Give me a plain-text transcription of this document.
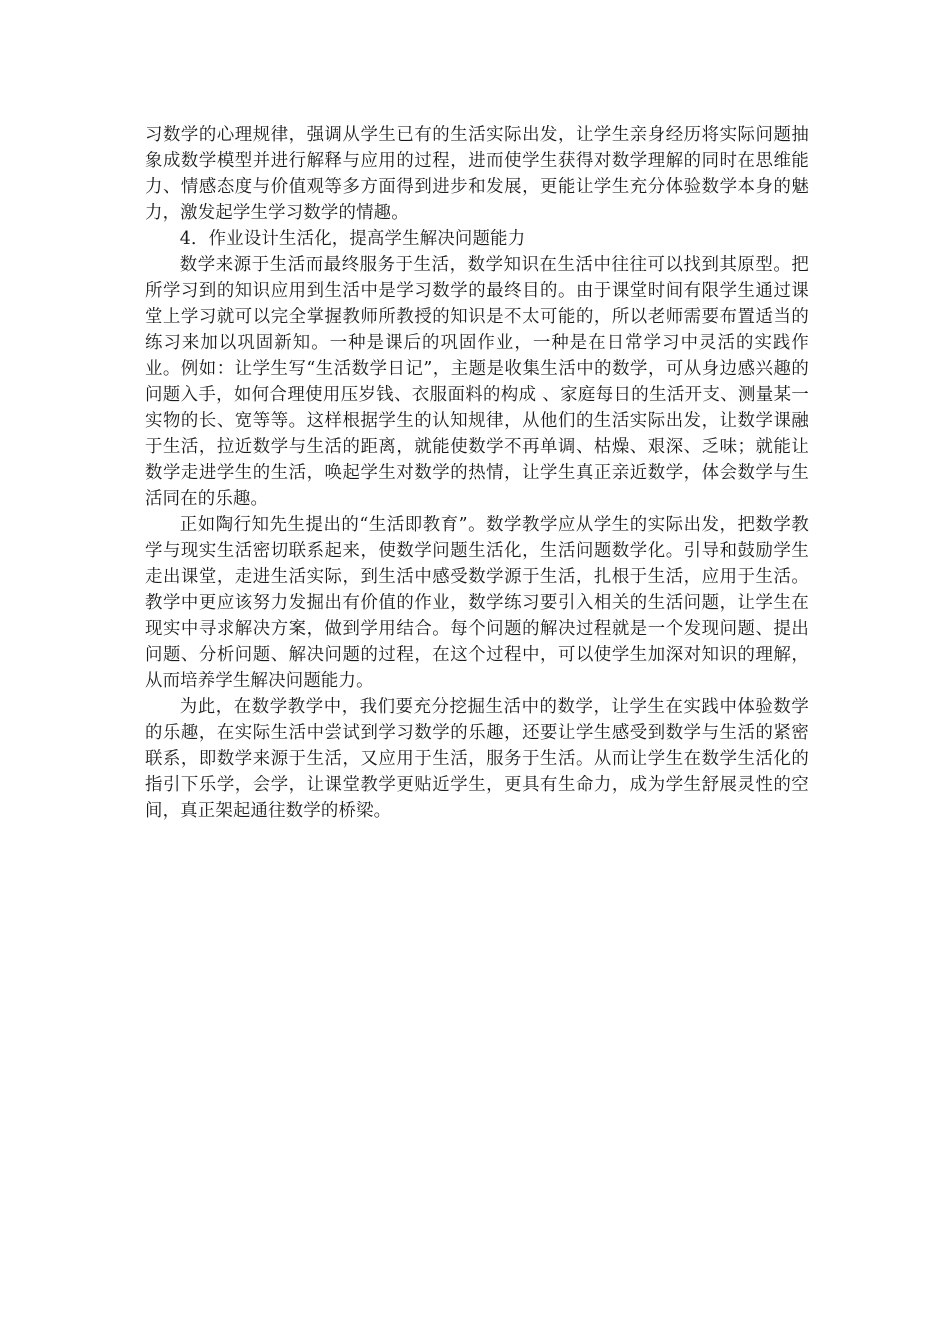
习数学的心理规律，强调从学生已有的生活实际出发，让学生亲身经历将实际问题抽象成数学模型并进行解释与应用的过程，进而使学生获得对数学理解的同时在思维能力、情感态度与价值观等多方面得到进步和发展，更能让学生充分体验数学本身的魅力，激发起学生学习数学的情趣。

4．作业设计生活化，提高学生解决问题能力

数学来源于生活而最终服务于生活，数学知识在生活中往往可以找到其原型。把所学习到的知识应用到生活中是学习数学的最终目的。由于课堂时间有限学生通过课堂上学习就可以完全掌握教师所教授的知识是不太可能的，所以老师需要布置适当的练习来加以巩固新知。一种是课后的巩固作业，一种是在日常学习中灵活的实践作业。例如：让学生写“生活数学日记”，主题是收集生活中的数学，可从身边感兴趣的问题入手，如何合理使用压岁钱、衣服面料的构成 、家庭每日的生活开支、测量某一实物的长、宽等等。这样根据学生的认知规律，从他们的生活实际出发，让数学课融于生活，拉近数学与生活的距离，就能使数学不再单调、枯燥、艰深、乏味；就能让数学走进学生的生活，唤起学生对数学的热情，让学生真正亲近数学，体会数学与生活同在的乐趣。

正如陶行知先生提出的“生活即教育”。数学教学应从学生的实际出发，把数学教学与现实生活密切联系起来，使数学问题生活化，生活问题数学化。引导和鼓励学生走出课堂，走进生活实际，到生活中感受数学源于生活，扎根于生活，应用于生活。教学中更应该努力发掘出有价值的作业，数学练习要引入相关的生活问题，让学生在现实中寻求解决方案，做到学用结合。每个问题的解决过程就是一个发现问题、提出问题、分析问题、解决问题的过程，在这个过程中，可以使学生加深对知识的理解，从而培养学生解决问题能力。

为此，在数学教学中，我们要充分挖掘生活中的数学，让学生在实践中体验数学的乐趣，在实际生活中尝试到学习数学的乐趣，还要让学生感受到数学与生活的紧密联系，即数学来源于生活，又应用于生活，服务于生活。从而让学生在数学生活化的指引下乐学，会学，让课堂教学更贴近学生，更具有生命力，成为学生舒展灵性的空间，真正架起通往数学的桥梁。
